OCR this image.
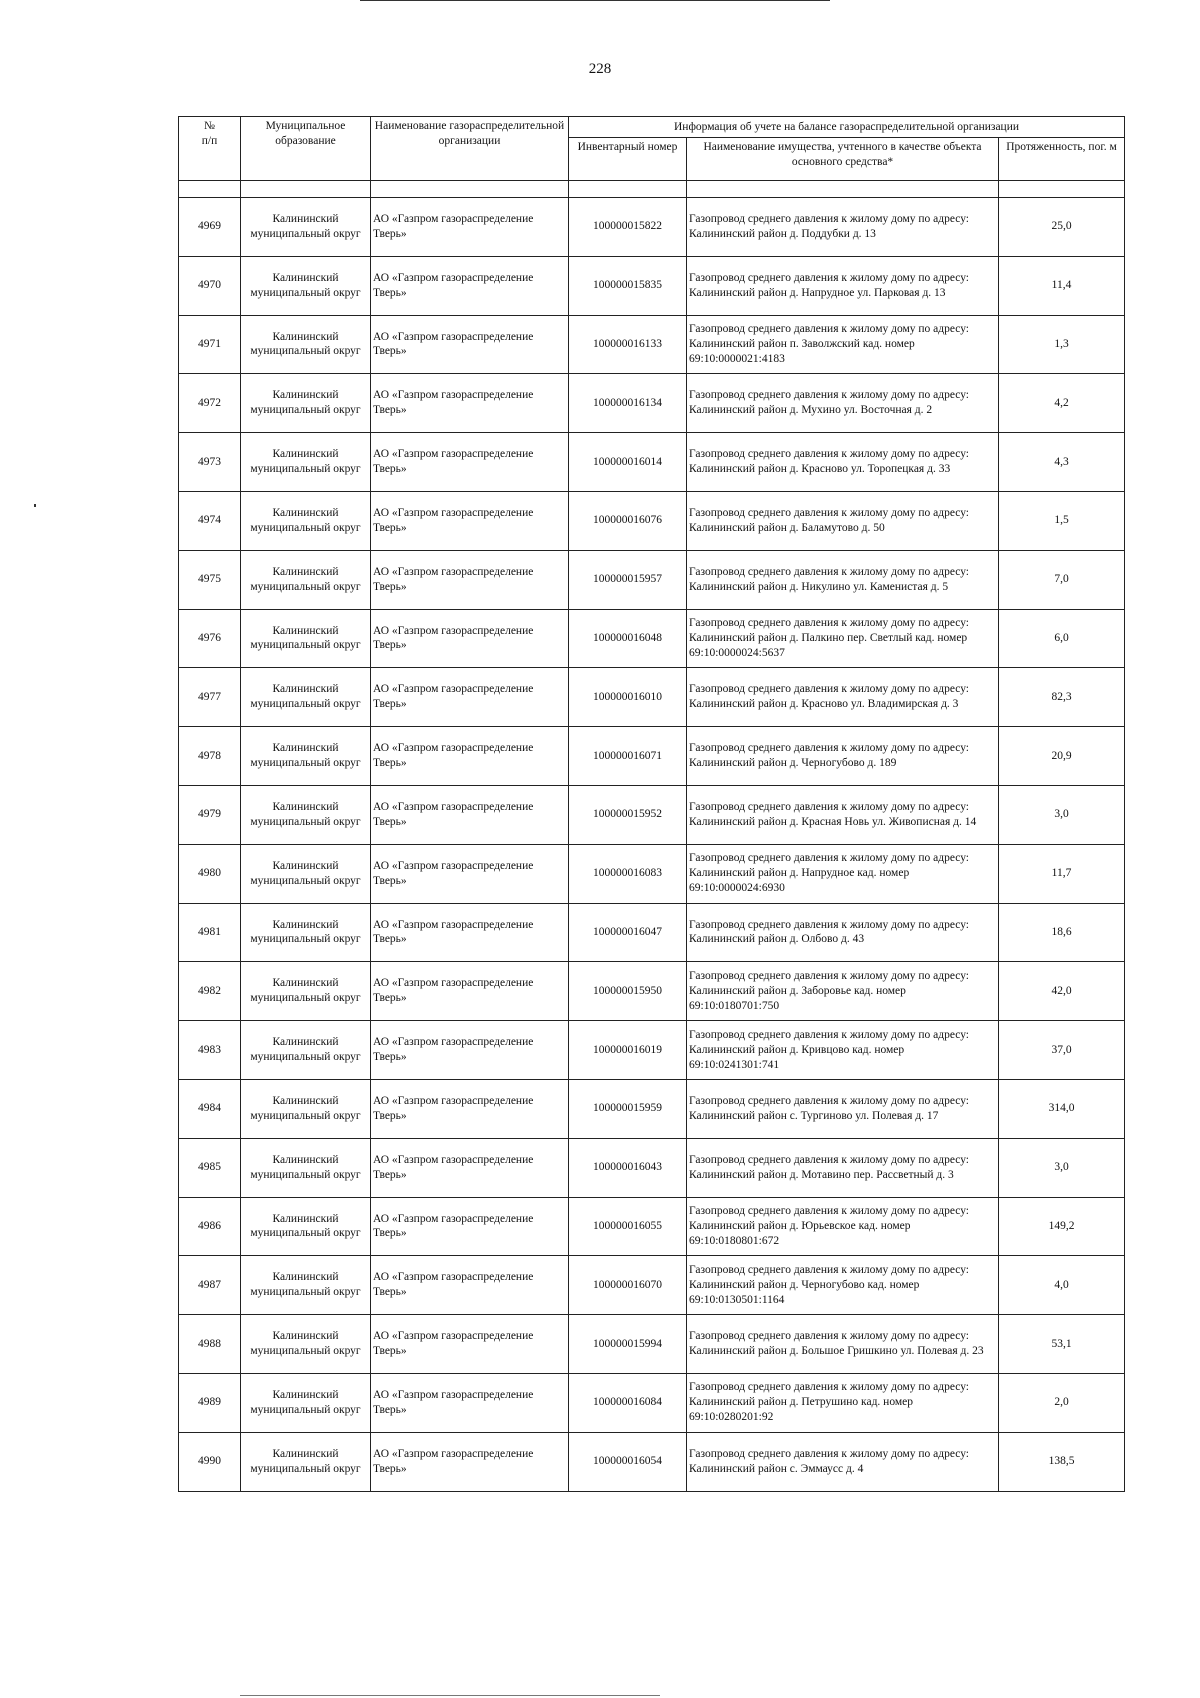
228
№
п/п	Муниципальное образование	Наименование газораспределительной организации	Информация об учете на балансе газораспределительной организации		
			Инвентарный номер	Наименование имущества, учтенного в качестве объекта основного средства*	Протяженность, пог. м

4969	Калининский муниципальный округ	АО «Газпром газораспределение Тверь»	100000015822	Газопровод среднего давления к жилому дому по адресу: Калининский район д. Поддубки д. 13	25,0
4970	Калининский муниципальный округ	АО «Газпром газораспределение Тверь»	100000015835	Газопровод среднего давления к жилому дому по адресу: Калининский район д. Напрудное ул. Парковая д. 13	11,4
4971	Калининский муниципальный округ	АО «Газпром газораспределение Тверь»	100000016133	Газопровод среднего давления к жилому дому по адресу: Калининский район п. Заволжский кад. номер 69:10:0000021:4183	1,3
4972	Калининский муниципальный округ	АО «Газпром газораспределение Тверь»	100000016134	Газопровод среднего давления к жилому дому по адресу: Калининский район д. Мухино ул. Восточная д. 2	4,2
4973	Калининский муниципальный округ	АО «Газпром газораспределение Тверь»	100000016014	Газопровод среднего давления к жилому дому по адресу: Калининский район д. Красново ул. Торопецкая д. 33	4,3
4974	Калининский муниципальный округ	АО «Газпром газораспределение Тверь»	100000016076	Газопровод среднего давления к жилому дому по адресу: Калининский район д. Баламутово д. 50	1,5
4975	Калининский муниципальный округ	АО «Газпром газораспределение Тверь»	100000015957	Газопровод среднего давления к жилому дому по адресу: Калининский район д. Никулино ул. Каменистая д. 5	7,0
4976	Калининский муниципальный округ	АО «Газпром газораспределение Тверь»	100000016048	Газопровод среднего давления к жилому дому по адресу: Калининский район д. Палкино пер. Светлый кад. номер 69:10:0000024:5637	6,0
4977	Калининский муниципальный округ	АО «Газпром газораспределение Тверь»	100000016010	Газопровод среднего давления к жилому дому по адресу: Калининский район д. Красново ул. Владимирская д. 3	82,3
4978	Калининский муниципальный округ	АО «Газпром газораспределение Тверь»	100000016071	Газопровод среднего давления к жилому дому по адресу: Калининский район д. Черногубово д. 189	20,9
4979	Калининский муниципальный округ	АО «Газпром газораспределение Тверь»	100000015952	Газопровод среднего давления к жилому дому по адресу: Калининский район д. Красная Новь ул. Живописная д. 14	3,0
4980	Калининский муниципальный округ	АО «Газпром газораспределение Тверь»	100000016083	Газопровод среднего давления к жилому дому по адресу: Калининский район д. Напрудное кад. номер 69:10:0000024:6930	11,7
4981	Калининский муниципальный округ	АО «Газпром газораспределение Тверь»	100000016047	Газопровод среднего давления к жилому дому по адресу: Калининский район д. Олбово д. 43	18,6
4982	Калининский муниципальный округ	АО «Газпром газораспределение Тверь»	100000015950	Газопровод среднего давления к жилому дому по адресу: Калининский район д. Заборовье кад. номер 69:10:0180701:750	42,0
4983	Калининский муниципальный округ	АО «Газпром газораспределение Тверь»	100000016019	Газопровод среднего давления к жилому дому по адресу: Калининский район д. Кривцово кад. номер 69:10:0241301:741	37,0
4984	Калининский муниципальный округ	АО «Газпром газораспределение Тверь»	100000015959	Газопровод среднего давления к жилому дому по адресу: Калининский район с. Тургиново ул. Полевая д. 17	314,0
4985	Калининский муниципальный округ	АО «Газпром газораспределение Тверь»	100000016043	Газопровод среднего давления к жилому дому по адресу: Калининский район д. Мотавино пер. Рассветный д. 3	3,0
4986	Калининский муниципальный округ	АО «Газпром газораспределение Тверь»	100000016055	Газопровод среднего давления к жилому дому по адресу: Калининский район д. Юрьевское кад. номер 69:10:0180801:672	149,2
4987	Калининский муниципальный округ	АО «Газпром газораспределение Тверь»	100000016070	Газопровод среднего давления к жилому дому по адресу: Калининский район д. Черногубово кад. номер 69:10:0130501:1164	4,0
4988	Калининский муниципальный округ	АО «Газпром газораспределение Тверь»	100000015994	Газопровод среднего давления к жилому дому по адресу: Калининский район д. Большое Гришкино ул. Полевая д. 23	53,1
4989	Калининский муниципальный округ	АО «Газпром газораспределение Тверь»	100000016084	Газопровод среднего давления к жилому дому по адресу: Калининский район д. Петрушино кад. номер 69:10:0280201:92	2,0
4990	Калининский муниципальный округ	АО «Газпром газораспределение Тверь»	100000016054	Газопровод среднего давления к жилому дому по адресу: Калининский район с. Эммаусс д. 4	138,5
